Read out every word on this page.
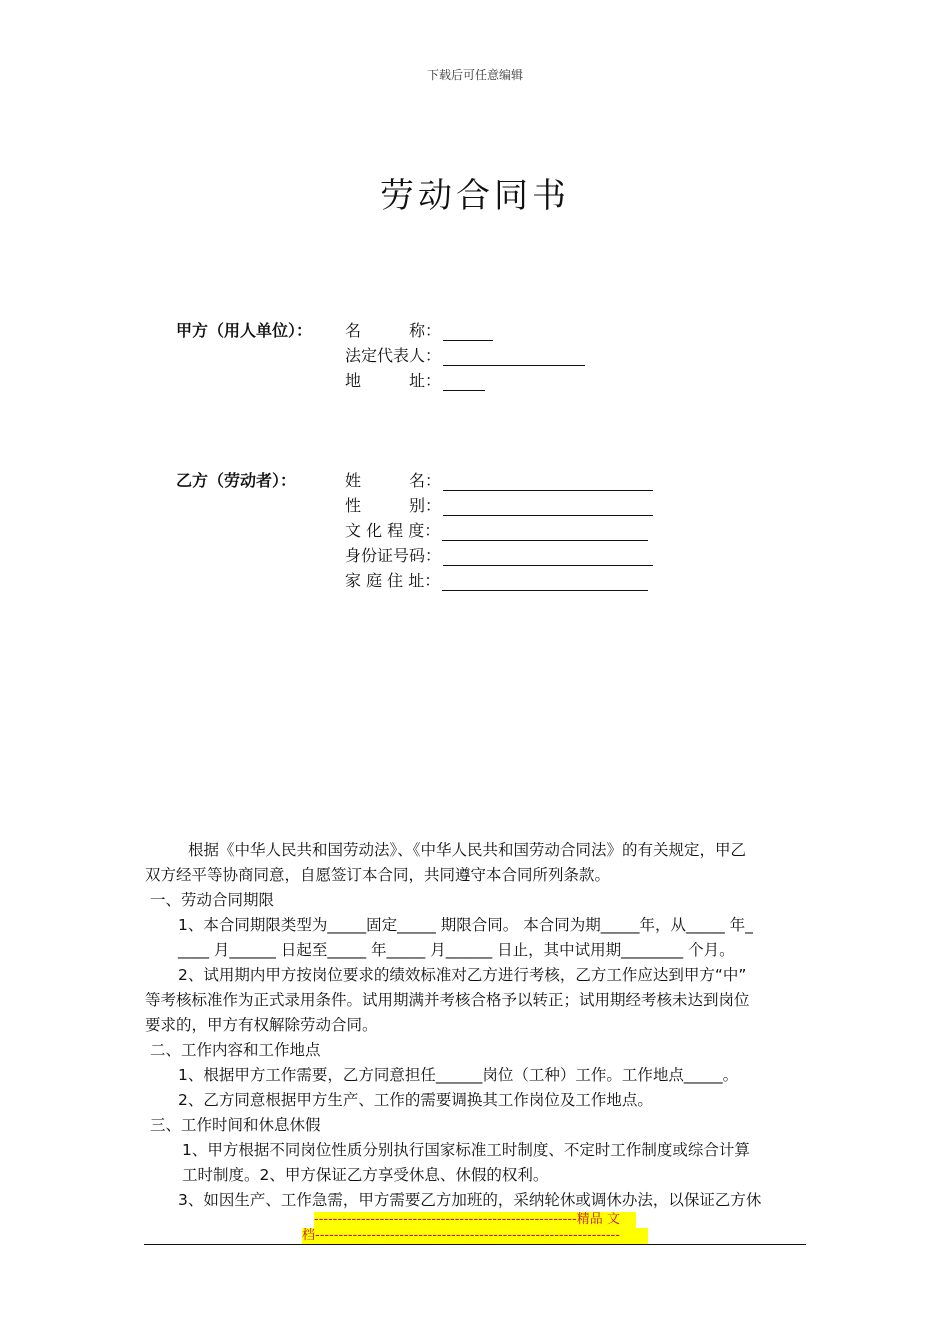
下载后可任意编辑
劳动合同书
甲方（用人单位）： 名　　　称：
法定代表人：
地　　　址：
乙方（劳动者）：	姓　　　名：
性　　　别：
文 化 程 度：
身份证号码：
家 庭 住 址：
根据《中华人民共和国劳动法》、《中华人民共和国劳动合同法》的有关规定，甲乙
双方经平等协商同意，自愿签订本合同，共同遵守本合同所列条款。
一、劳动合同期限
1、本合同期限类型为_____固定_____ 期限合同。 本合同为期_____年，从_____ 年_
____ 月______ 日起至_____ 年_____ 月______ 日止，其中试用期________ 个月。
2、试用期内甲方按岗位要求的绩效标准对乙方进行考核，乙方工作应达到甲方“中”
等考核标准作为正式录用条件。试用期满并考核合格予以转正；试用期经考核未达到岗位
要求的，甲方有权解除劳动合同。
二、工作内容和工作地点
1、根据甲方工作需要，乙方同意担任______岗位（工种）工作。工作地点_____。
2、乙方同意根据甲方生产、工作的需要调换其工作岗位及工作地点。
三、工作时间和休息休假
1、甲方根据不同岗位性质分别执行国家标准工时制度、不定时工作制度或综合计算
工时制度。2、甲方保证乙方享受休息、休假的权利。
3、如因生产、工作急需，甲方需要乙方加班的，采纳轮休或调休办法，以保证乙方休
--------------------------------------------------------精品 文
档-----------------------------------------------------------------
